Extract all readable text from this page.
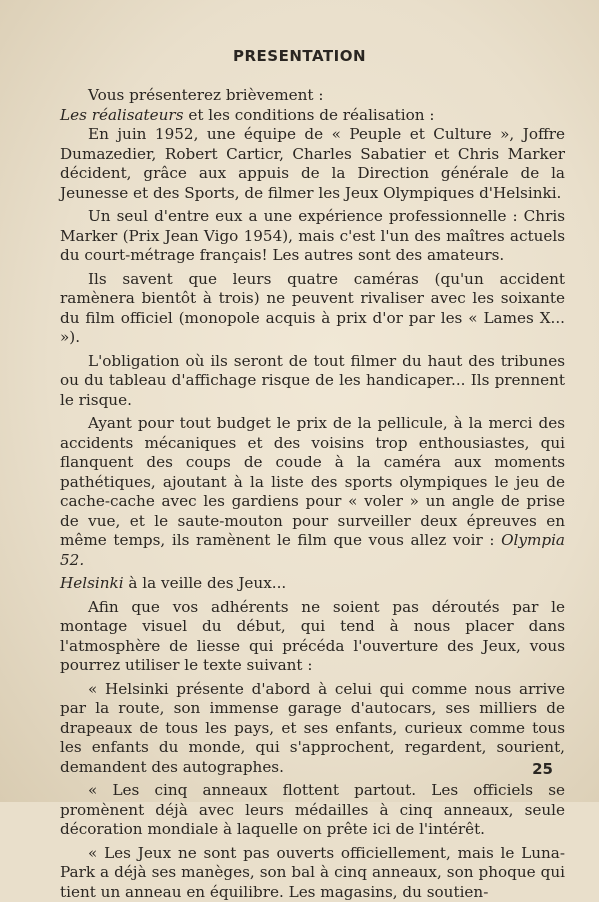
PRESENTATION

Vous présenterez brièvement :

Les réalisateurs et les conditions de réalisation :

En juin 1952, une équipe de « Peuple et Culture », Joffre Dumazedier, Robert Carticr, Charles Sabatier et Chris Marker décident, grâce aux appuis de la Direction générale de la Jeunesse et des Sports, de filmer les Jeux Olympiques d'Helsinki.

Un seul d'entre eux a une expérience professionnelle : Chris Marker (Prix Jean Vigo 1954), mais c'est l'un des maîtres actuels du court-métrage français! Les autres sont des amateurs.

Ils savent que leurs quatre caméras (qu'un accident ramènera bientôt à trois) ne peuvent rivaliser avec les soixante du film officiel (monopole acquis à prix d'or par les « Lames X... »).

L'obligation où ils seront de tout filmer du haut des tribunes ou du tableau d'affichage risque de les handicaper... Ils prennent le risque.

Ayant pour tout budget le prix de la pellicule, à la merci des accidents mécaniques et des voisins trop enthousiastes, qui flanquent des coups de coude à la caméra aux moments pathétiques, ajoutant à la liste des sports olympiques le jeu de cache-cache avec les gardiens pour « voler » un angle de prise de vue, et le saute-mouton pour surveiller deux épreuves en même temps, ils ramènent le film que vous allez voir : Olympia 52.

Helsinki à la veille des Jeux...

Afin que vos adhérents ne soient pas déroutés par le montage visuel du début, qui tend à nous placer dans l'atmosphère de liesse qui précéda l'ouverture des Jeux, vous pourrez utiliser le texte suivant :

« Helsinki présente d'abord à celui qui comme nous arrive par la route, son immense garage d'autocars, ses milliers de drapeaux de tous les pays, et ses enfants, curieux comme tous les enfants du monde, qui s'approchent, regardent, sourient, demandent des autographes.

« Les cinq anneaux flottent partout. Les officiels se promènent déjà avec leurs médailles à cinq anneaux, seule décoration mondiale à laquelle on prête ici de l'intérêt.

« Les Jeux ne sont pas ouverts officiellement, mais le Luna-Park a déjà ses manèges, son bal à cinq anneaux, son phoque qui tient un anneau en équilibre. Les magasins, du soutien-

25
